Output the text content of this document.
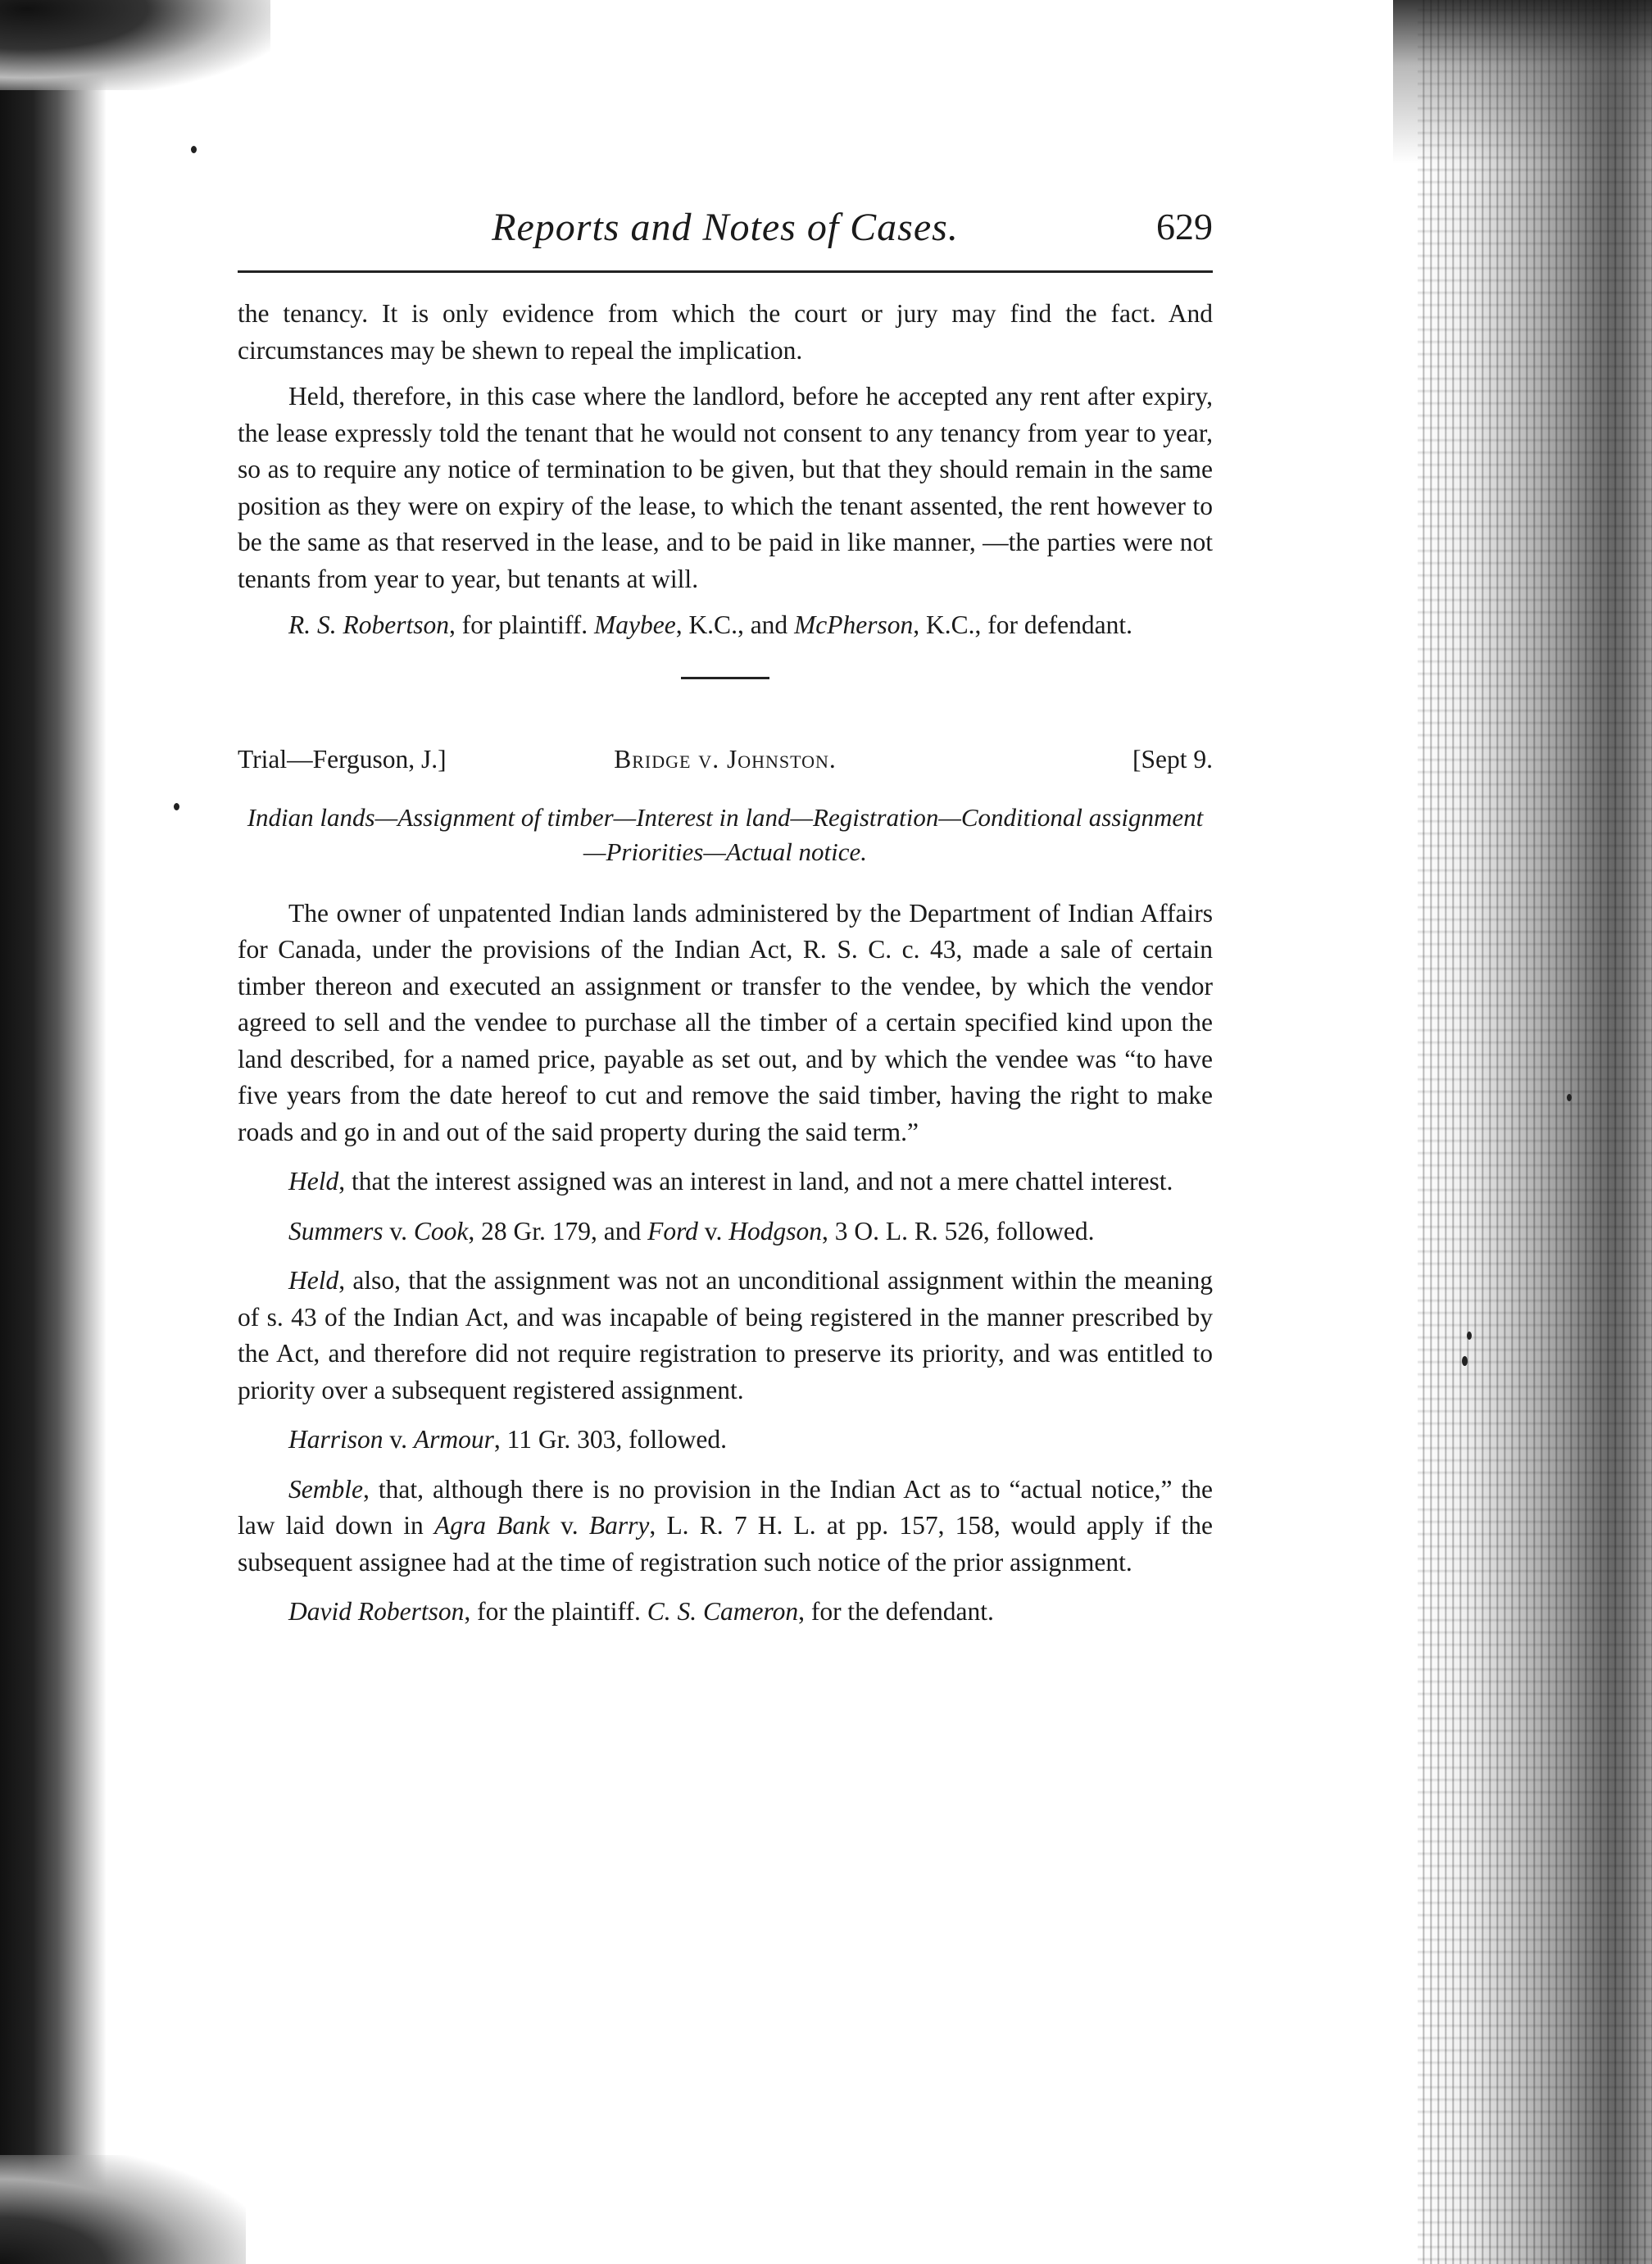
Reports and Notes of Cases.	629

the tenancy. It is only evidence from which the court or jury may find the fact. And circumstances may be shewn to repeal the implication.

Held, therefore, in this case where the landlord, before he accepted any rent after expiry, the lease expressly told the tenant that he would not consent to any tenancy from year to year, so as to require any notice of termination to be given, but that they should remain in the same position as they were on expiry of the lease, to which the tenant assented, the rent however to be the same as that reserved in the lease, and to be paid in like manner, —the parties were not tenants from year to year, but tenants at will.

R. S. Robertson, for plaintiff. Maybee, K.C., and McPherson, K.C., for defendant.

Trial—Ferguson, J.]	Bridge v. Johnston.	[Sept 9.
Indian lands—Assignment of timber—Interest in land—Registration—Conditional assignment—Priorities—Actual notice.

The owner of unpatented Indian lands administered by the Department of Indian Affairs for Canada, under the provisions of the Indian Act, R. S. C. c. 43, made a sale of certain timber thereon and executed an assignment or transfer to the vendee, by which the vendor agreed to sell and the vendee to purchase all the timber of a certain specified kind upon the land described, for a named price, payable as set out, and by which the vendee was “to have five years from the date hereof to cut and remove the said timber, having the right to make roads and go in and out of the said property during the said term.”

Held, that the interest assigned was an interest in land, and not a mere chattel interest.

Summers v. Cook, 28 Gr. 179, and Ford v. Hodgson, 3 O. L. R. 526, followed.

Held, also, that the assignment was not an unconditional assignment within the meaning of s. 43 of the Indian Act, and was incapable of being registered in the manner prescribed by the Act, and therefore did not require registration to preserve its priority, and was entitled to priority over a subsequent registered assignment.

Harrison v. Armour, 11 Gr. 303, followed.

Semble, that, although there is no provision in the Indian Act as to “actual notice,” the law laid down in Agra Bank v. Barry, L. R. 7 H. L. at pp. 157, 158, would apply if the subsequent assignee had at the time of registration such notice of the prior assignment.

David Robertson, for the plaintiff. C. S. Cameron, for the defendant.
